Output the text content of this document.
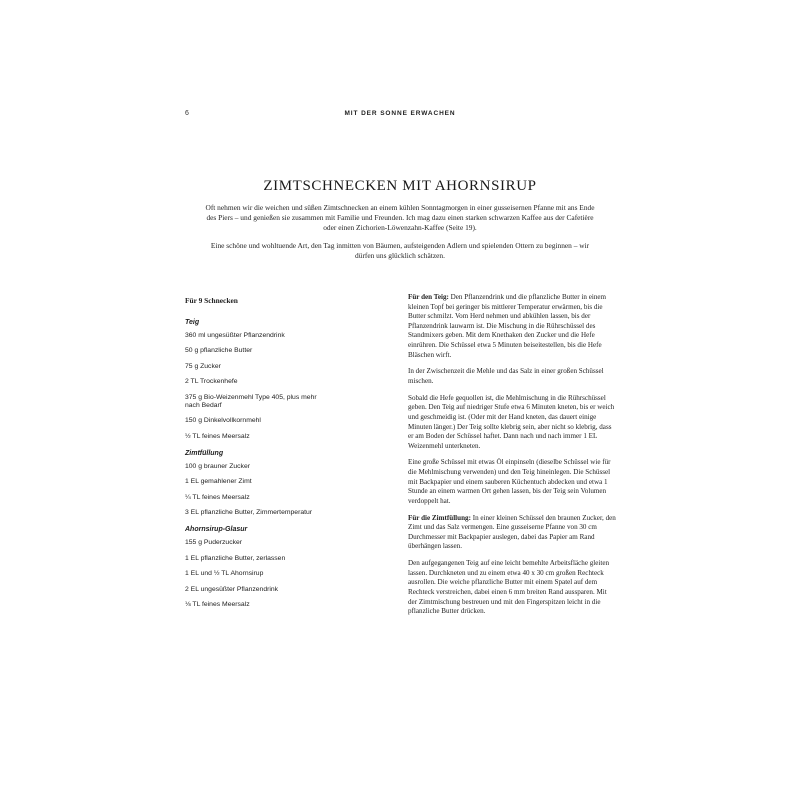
6	MIT DER SONNE ERWACHEN
ZIMTSCHNECKEN MIT AHORNSIRUP

Oft nehmen wir die weichen und süßen Zimtschnecken an einem kühlen Sonntagmorgen in einer gusseisernen Pfanne mit ans Ende des Piers – und genießen sie zusammen mit Familie und Freunden. Ich mag dazu einen starken schwarzen Kaffee aus der Cafetière oder einen Zichorien-Löwenzahn-Kaffee (Seite 19).

Eine schöne und wohltuende Art, den Tag inmitten von Bäumen, aufsteigenden Adlern und spielenden Ottern zu beginnen – wir dürfen uns glücklich schätzen.

Für 9 Schnecken
Teig
360 ml ungesüßter Pflanzendrink
50 g pflanzliche Butter
75 g Zucker
2 TL Trockenhefe
375 g Bio-Weizenmehl Type 405, plus mehr nach Bedarf
150 g Dinkelvollkornmehl
½ TL feines Meersalz
Zimtfüllung
100 g brauner Zucker
1 EL gemahlener Zimt
¼ TL feines Meersalz
3 EL pflanzliche Butter, Zimmertemperatur
Ahornsirup-Glasur
155 g Puderzucker
1 EL pflanzliche Butter, zerlassen
1 EL und ½ TL Ahornsirup
2 EL ungesüßter Pflanzendrink
⅛ TL feines Meersalz

Für den Teig: Den Pflanzendrink und die pflanzliche Butter in einem kleinen Topf bei geringer bis mittlerer Temperatur erwärmen, bis die Butter schmilzt. Vom Herd nehmen und abkühlen lassen, bis der Pflanzendrink lauwarm ist. Die Mischung in die Rührschüssel des Standmixers geben. Mit dem Knethaken den Zucker und die Hefe einrühren. Die Schüssel etwa 5 Minuten beiseitestellen, bis die Hefe Bläschen wirft.

In der Zwischenzeit die Mehle und das Salz in einer großen Schüssel mischen.

Sobald die Hefe gequollen ist, die Mehlmischung in die Rührschüssel geben. Den Teig auf niedriger Stufe etwa 6 Minuten kneten, bis er weich und geschmeidig ist. (Oder mit der Hand kneten, das dauert einige Minuten länger.) Der Teig sollte klebrig sein, aber nicht so klebrig, dass er am Boden der Schüssel haftet. Dann nach und nach immer 1 EL Weizenmehl unterkneten.

Eine große Schüssel mit etwas Öl einpinseln (dieselbe Schüssel wie für die Mehlmischung verwenden) und den Teig hineinlegen. Die Schüssel mit Backpapier und einem sauberen Küchentuch abdecken und etwa 1 Stunde an einem warmen Ort gehen lassen, bis der Teig sein Volumen verdoppelt hat.

Für die Zimtfüllung: In einer kleinen Schüssel den braunen Zucker, den Zimt und das Salz vermengen. Eine gusseiserne Pfanne von 30 cm Durchmesser mit Backpapier auslegen, dabei das Papier am Rand überhängen lassen.

Den aufgegangenen Teig auf eine leicht bemehlte Arbeitsfläche gleiten lassen. Durchkneten und zu einem etwa 40 x 30 cm großen Rechteck ausrollen. Die weiche pflanzliche Butter mit einem Spatel auf dem Rechteck verstreichen, dabei einen 6 mm breiten Rand aussparen. Mit der Zimtmischung bestreuen und mit den Fingerspitzen leicht in die pflanzliche Butter drücken.
